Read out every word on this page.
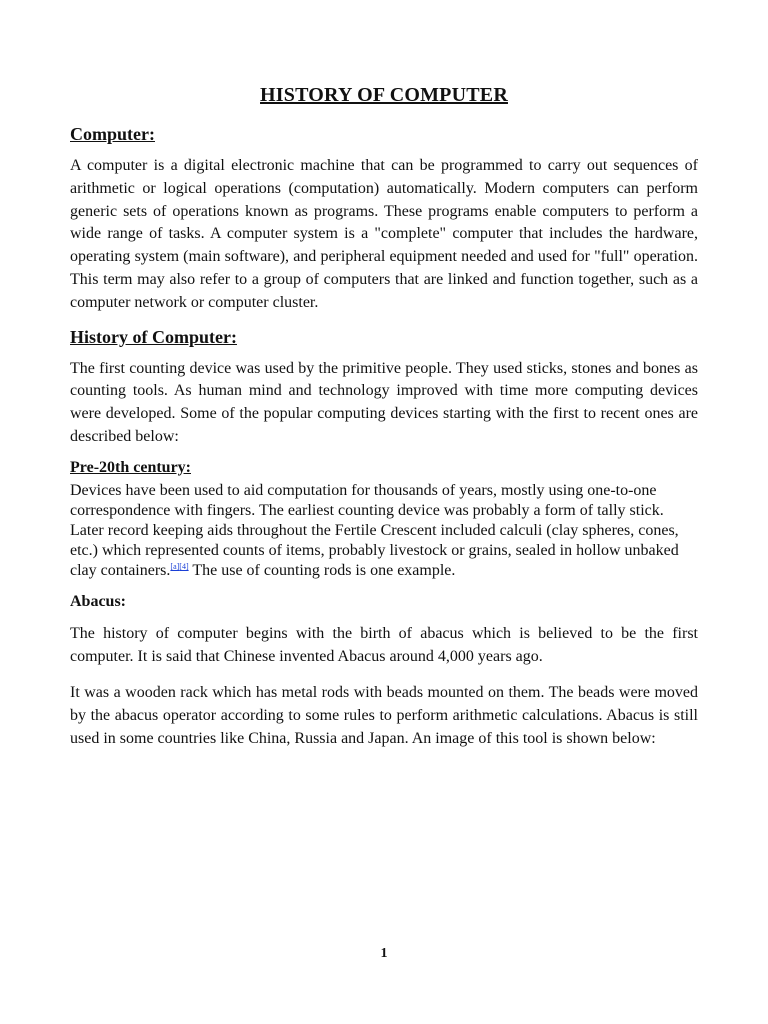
HISTORY OF COMPUTER
Computer:

A computer is a digital electronic machine that can be programmed to carry out sequences of arithmetic or logical operations (computation) automatically. Modern computers can perform generic sets of operations known as programs. These programs enable computers to perform a wide range of tasks. A computer system is a "complete" computer that includes the hardware, operating system (main software), and peripheral equipment needed and used for "full" operation. This term may also refer to a group of computers that are linked and function together, such as a computer network or computer cluster.

History of Computer:

The first counting device was used by the primitive people. They used sticks, stones and bones as counting tools. As human mind and technology improved with time more computing devices were developed. Some of the popular computing devices starting with the first to recent ones are described below:

Pre-20th century:

Devices have been used to aid computation for thousands of years, mostly using one-to-one correspondence with fingers. The earliest counting device was probably a form of tally stick. Later record keeping aids throughout the Fertile Crescent included calculi (clay spheres, cones, etc.) which represented counts of items, probably livestock or grains, sealed in hollow unbaked clay containers.[a][4] The use of counting rods is one example.

Abacus:

The history of computer begins with the birth of abacus which is believed to be the first computer. It is said that Chinese invented Abacus around 4,000 years ago.

It was a wooden rack which has metal rods with beads mounted on them. The beads were moved by the abacus operator according to some rules to perform arithmetic calculations. Abacus is still used in some countries like China, Russia and Japan. An image of this tool is shown below:

1
